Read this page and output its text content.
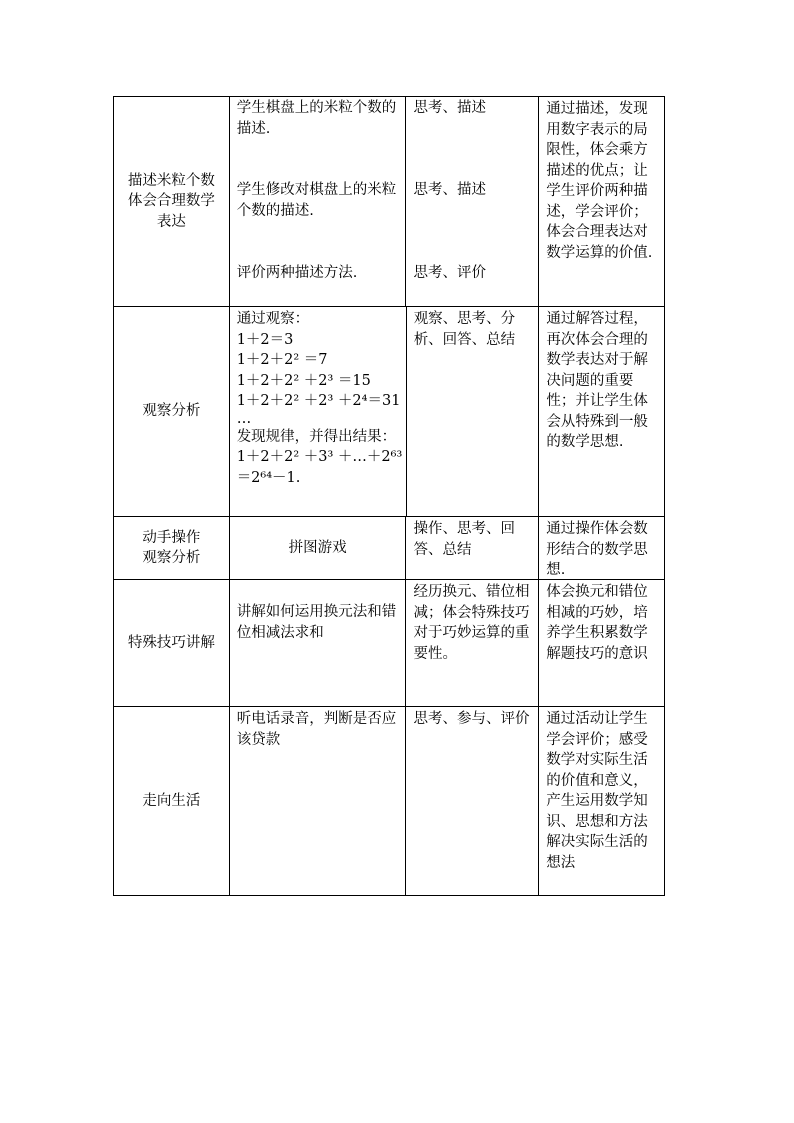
描述米粒个数体会合理数学表达

学生棋盘上的米粒个数的描述.

学生修改对棋盘上的米粒个数的描述.

评价两种描述方法.

思考、描述

思考、描述

思考、评价

通过描述，发现用数字表示的局限性，体会乘方描述的优点；让学生评价两种描述，学会评价；体会合理表达对数学运算的价值.

观察分析
通过观察：
1＋2＝3
1＋2＋2² ＝7
1＋2＋2² ＋2³ ＝15
1＋2＋2² ＋2³ ＋2⁴＝31
…
发现规律，并得出结果：
1＋2＋2² ＋3³ ＋…＋2⁶³
＝2⁶⁴－1.

观察、思考、分析、回答、总结

通过解答过程，再次体会合理的数学表达对于解决问题的重要性；并让学生体会从特殊到一般的数学思想.

动手操作观察分析
拼图游戏

操作、思考、回答、总结

通过操作体会数形结合的数学思想.

特殊技巧讲解

讲解如何运用换元法和错位相减法求和

经历换元、错位相减；体会特殊技巧对于巧妙运算的重要性。

体会换元和错位相减的巧妙，培养学生积累数学解题技巧的意识

走向生活

听电话录音，判断是否应该贷款

思考、参与、评价 通过活动让学生学会评价；感受数学对实际生活的价值和意义，产生运用数学知识、思想和方法解决实际生活的想法
